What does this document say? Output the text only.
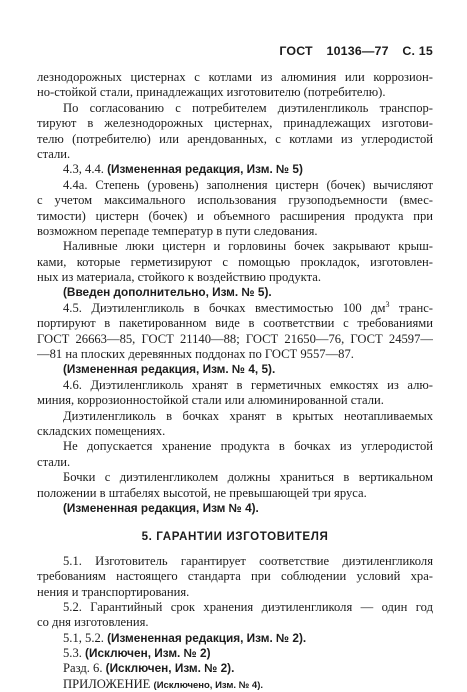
ГОСТ 10136—77 С. 15
лезнодорожных цистернах с котлами из алюминия или коррозион-
но-стойкой стали, принадлежащих изготовителю (потребителю).
По согласованию с потребителем диэтиленгликоль транспор-
тируют в железнодорожных цистернах, принадлежащих изготови-
телю (потребителю) или арендованных, с котлами из углеродистой
стали.
4.3, 4.4. (Измененная редакция, Изм. № 5)
4.4а. Степень (уровень) заполнения цистерн (бочек) вычисляют
с учетом максимального использования грузоподъемности (вмес-
тимости) цистерн (бочек) и объемного расширения продукта при
возможном перепаде температур в пути следования.
Наливные люки цистерн и горловины бочек закрывают крыш-
ками, которые герметизируют с помощью прокладок, изготовлен-
ных из материала, стойкого к воздействию продукта.
(Введен дополнительно, Изм. № 5).
4.5. Диэтиленгликоль в бочках вместимостью 100 $дм^3$ транс-
портируют в пакетированном виде в соответствии с требованиями
ГОСТ 26663—85, ГОСТ 21140—88; ГОСТ 21650—76, ГОСТ 24597—
—81 на плоских деревянных поддонах по ГОСТ 9557—87.
(Измененная редакция, Изм. № 4, 5).
4.6. Диэтиленгликоль хранят в герметичных емкостях из алю-
миния, коррозионностойкой стали или алюминированной стали.
Диэтиленгликоль в бочках хранят в крытых неотапливаемых
складских помещениях.
Не допускается хранение продукта в бочках из углеродистой
стали.
Бочки с диэтиленгликолем должны храниться в вертикальном
положении в штабелях высотой, не превышающей три яруса.
(Измененная редакция, Изм № 4).
5. ГАРАНТИИ ИЗГОТОВИТЕЛЯ
5.1. Изготовитель гарантирует соответствие диэтиленгликоля
требованиям настоящего стандарта при соблюдении условий хра-
нения и транспортирования.
5.2. Гарантийный срок хранения диэтиленгликоля — один год
со дня изготовления.
5.1, 5.2. (Измененная редакция, Изм. № 2).
5.3. (Исключен, Изм. № 2)
Разд. 6. (Исключен, Изм. № 2).
ПРИЛОЖЕНИЕ (Исключено, Изм. № 4).
